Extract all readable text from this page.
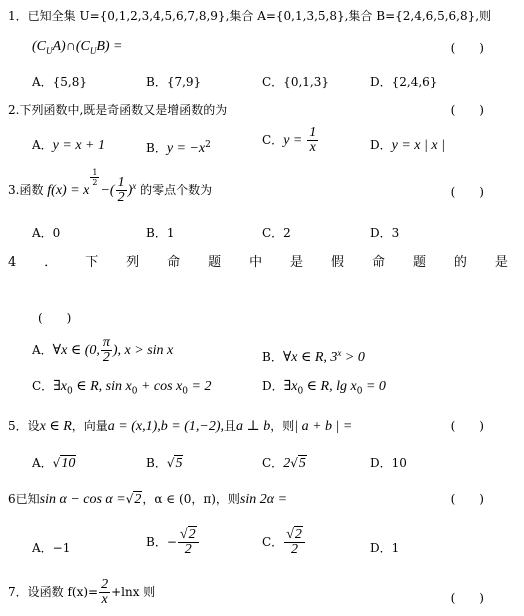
1．已知全集 U={0,1,2,3,4,5,6,7,8,9},集合 A={0,1,3,5,8},集合 B={2,4,6,5,6,8},则
$(C_UA)\cap(C_UB)$ =	(　　)
A．{5,8}	B．{7,9}	C．{0,1,3}	D．{2,4,6}
2.下列函数中,既是奇函数又是增函数的为	(　　)
A．y = x + 1	B．$y = -x^2$	C．$y = \frac{1}{x}$	D．y = x | x |
3.函数 f(x) = x
$\frac{1}{2}$
−( $\frac{1}{2} )^x$ 的零点个数为	(　　)
A．0	B．1	C．2	D．3
4 ． 下 列 命 题 中 是 假 命 题 的 是
(　　)
A．∀x ∈ (0, $\frac{\pi}{2}$ ), x > sin x	B．∀x ∈ R, $3^x > 0$
C．$\exists x_0$ ∈ R, $\sin x_0 + \cos x_0 = 2$	D．$\exists x_0$ ∈ R, $\lg x_0 = 0$
5．设x ∈ R，向量a = (x,1),b = (1,−2),且a ⊥ b，则| a + b | =	(　　)
A．√10	B．√5	C．2√5	D．10
6已知sin α − cos α =√2，α ∈ (0，π)，则sin 2α =	(　　)
A．−1	B．− $\frac{√2}{2}$	C． $\frac{√2}{2}$	D．1
7．设函数 $f(x)= \frac{2}{x} +\ln x$ 则	(　　)
